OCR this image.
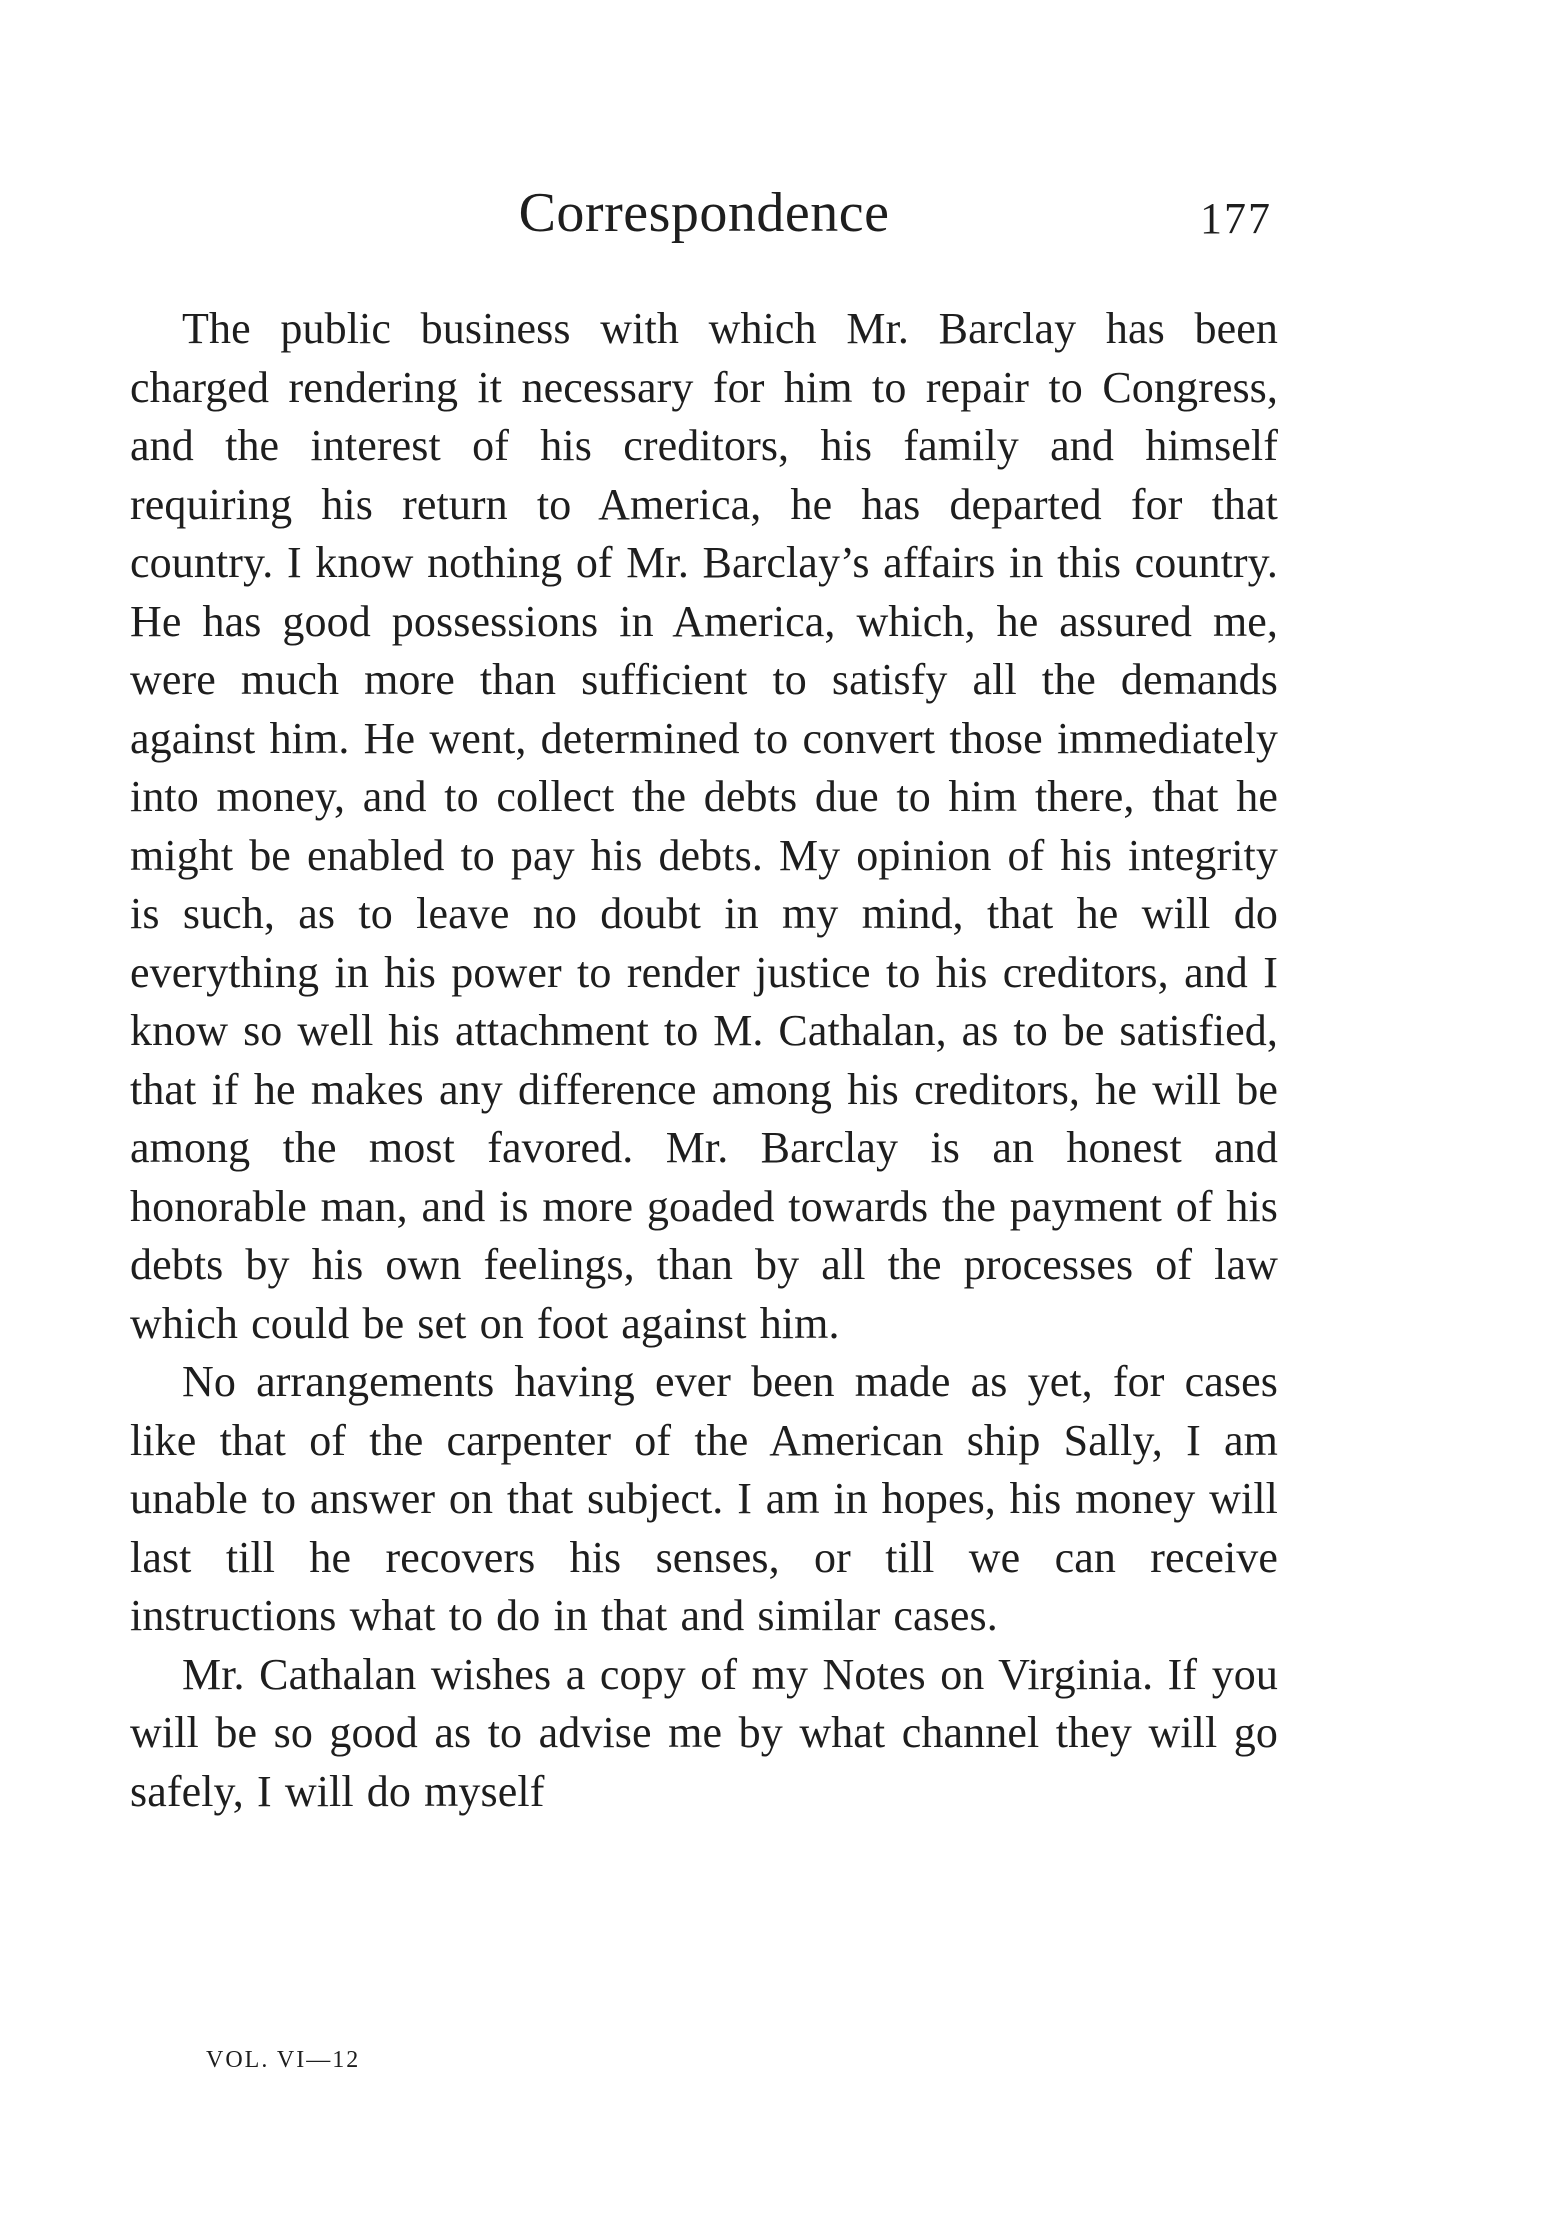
Correspondence	177

The public business with which Mr. Barclay has been charged rendering it necessary for him to repair to Congress, and the interest of his creditors, his family and himself requiring his return to America, he has departed for that country. I know nothing of Mr. Barclay’s affairs in this country. He has good possessions in America, which, he assured me, were much more than sufficient to satisfy all the demands against him. He went, determined to convert those immediately into money, and to collect the debts due to him there, that he might be enabled to pay his debts. My opinion of his integrity is such, as to leave no doubt in my mind, that he will do everything in his power to render justice to his creditors, and I know so well his attachment to M. Cathalan, as to be satisfied, that if he makes any difference among his creditors, he will be among the most favored. Mr. Barclay is an honest and honorable man, and is more goaded towards the payment of his debts by his own feelings, than by all the processes of law which could be set on foot against him.

No arrangements having ever been made as yet, for cases like that of the carpenter of the American ship Sally, I am unable to answer on that subject. I am in hopes, his money will last till he recovers his senses, or till we can receive instructions what to do in that and similar cases.

Mr. Cathalan wishes a copy of my Notes on Virginia. If you will be so good as to advise me by what channel they will go safely, I will do myself

VOL. VI—12
